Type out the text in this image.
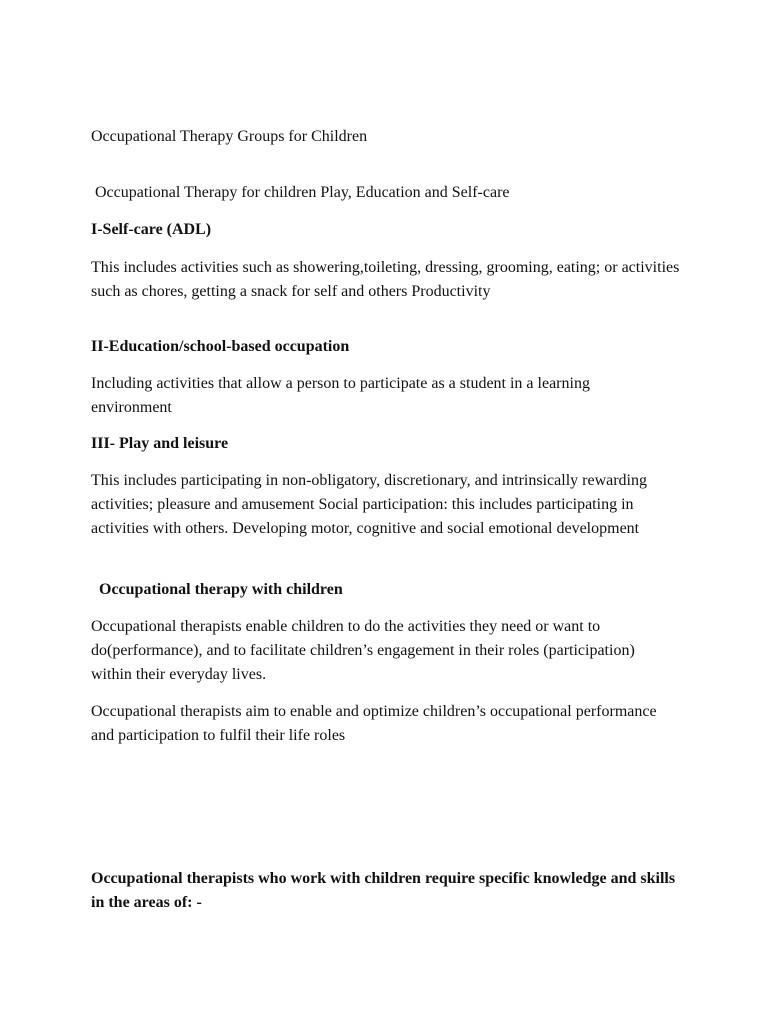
Occupational Therapy Groups for Children

Occupational Therapy for children Play, Education and Self-care

I-Self-care (ADL)

This includes activities such as showering,toileting, dressing, grooming, eating; or activities such as chores, getting a snack for self and others Productivity

II-Education/school-based occupation

Including activities that allow a person to participate as a student in a learning environment

III- Play and leisure

This includes participating in non-obligatory, discretionary, and intrinsically rewarding activities; pleasure and amusement Social participation: this includes participating in activities with others. Developing motor, cognitive and social emotional development

Occupational therapy with children

Occupational therapists enable children to do the activities they need or want to do(performance), and to facilitate children’s engagement in their roles (participation) within their everyday lives.

Occupational therapists aim to enable and optimize children’s occupational performance and participation to fulfil their life roles

Occupational therapists who work with children require specific knowledge and skills in the areas of: -
